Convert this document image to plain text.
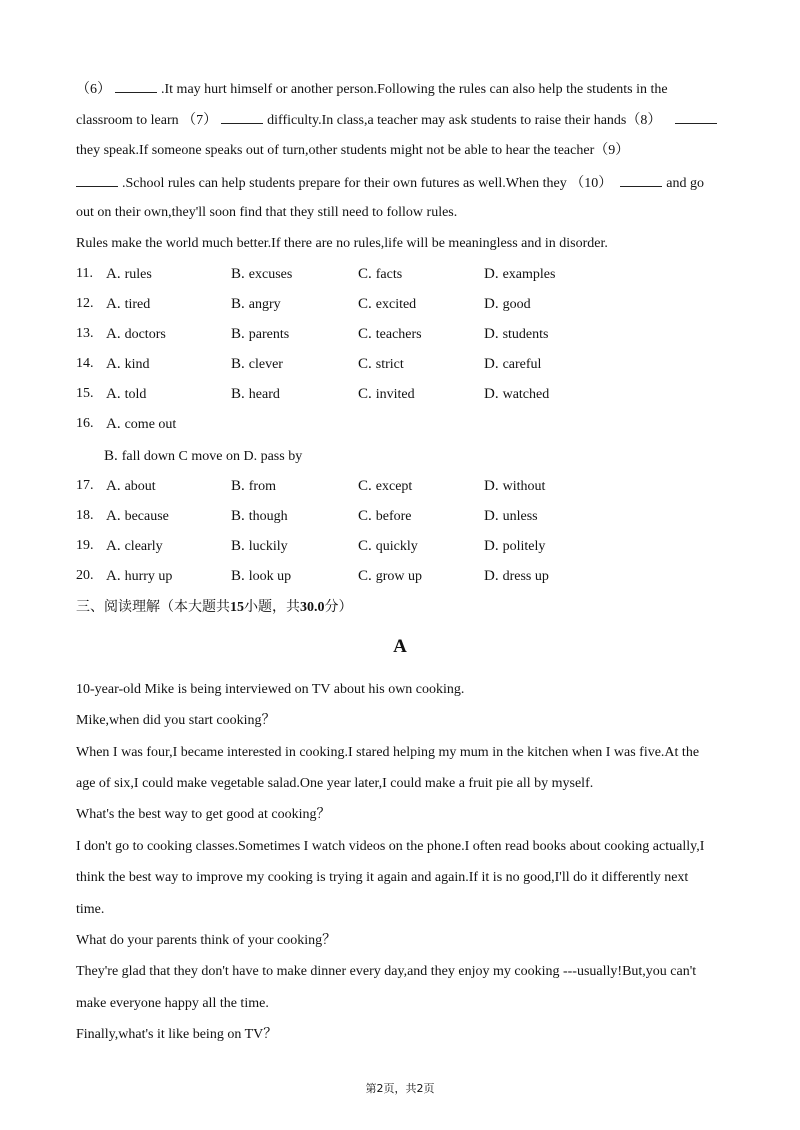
（6）	.It may hurt himself or another person.Following the rules can also help the students in the
classroom to learn （7）	difficulty.In class,a teacher may ask students to raise their hands（8）
they speak.If someone speaks out of turn,other students might not be able to hear the teacher（9）
.School rules can help students prepare for their own futures as well.When they （10）	and go
out on their own,they'll soon find that they still need to follow rules.
Rules make the world much better.If there are no rules,life will be meaningless and in disorder.
11. A. rules	B. excuses	C. facts	D. examples
12. A. tired	B. angry	C. excited	D. good
13. A. doctors	B. parents	C. teachers	D. students
14. A. kind	B. clever	C. strict	D. careful
15. A. told	B. heard	C. invited	D. watched
16. A. come out
B. fall down C move on D. pass by
17. A. about	B. from	C. except	D. without
18. A. because	B. though	C. before	D. unless
19. A. clearly	B. luckily	C. quickly	D. politely
20. A. hurry up	B. look up	C. grow up	D. dress up
三、阅读理解（本大题共15小题，共30.0分）
A
10-year-old Mike is being interviewed on TV about his own cooking.
Mike,when did you start cooking？
When I was four,I became interested in cooking.I stared helping my mum in the kitchen when I was five.At the
age of six,I could make vegetable salad.One year later,I could make a fruit pie all by myself.
What's the best way to get good at cooking？
I don't go to cooking classes.Sometimes I watch videos on the phone.I often read books about cooking actually,I
think the best way to improve my cooking is trying it again and again.If it is no good,I'll do it differently next
time.
What do your parents think of your cooking？
They're glad that they don't have to make dinner every day,and they enjoy my cooking ---usually!But,you can't
make everyone happy all the time.
Finally,what's it like being on TV？
第2页，共2页
